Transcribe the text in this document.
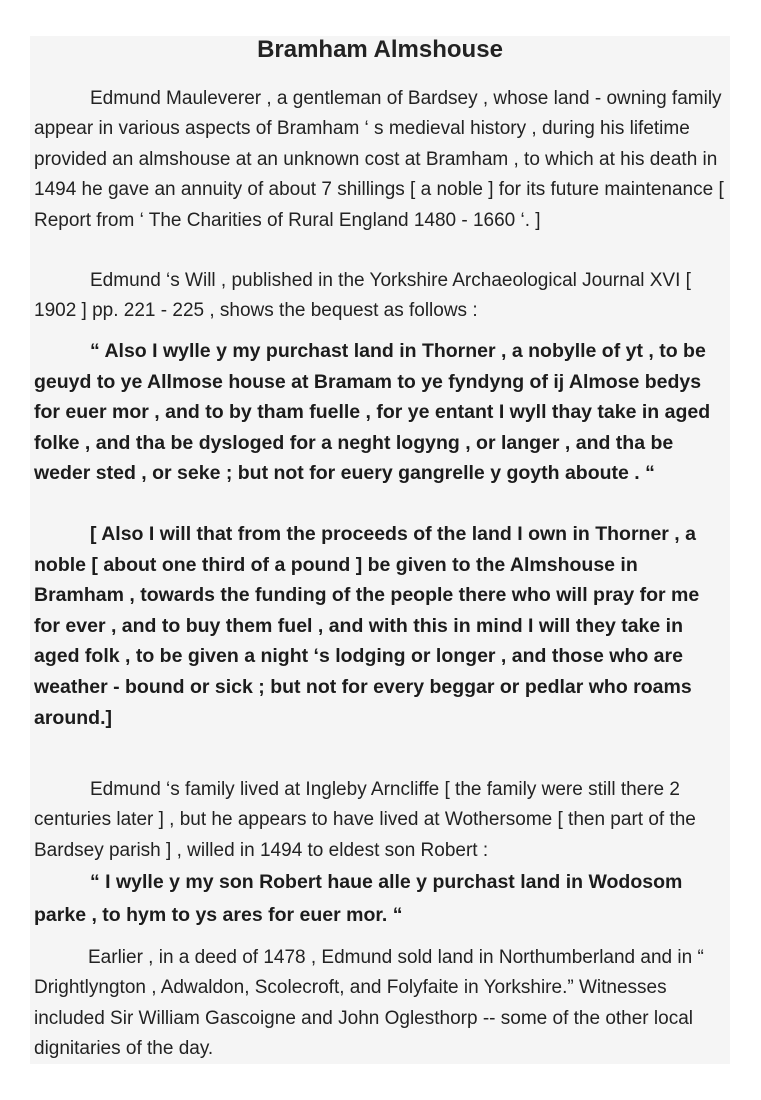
Bramham Almshouse

Edmund Mauleverer , a gentleman of Bardsey , whose land - owning family appear in various aspects of Bramham ‘ s medieval history , during his lifetime provided an almshouse at an unknown cost at Bramham , to which at his death in 1494 he gave an annuity of about 7 shillings [ a noble ] for its future maintenance [ Report from ‘ The Charities of Rural England 1480 - 1660 ‘. ]

Edmund ‘s Will , published in the Yorkshire Archaeological Journal XVI [ 1902 ] pp. 221 - 225 , shows the bequest as follows :

“ Also I wylle y my purchast land in Thorner , a nobylle of yt , to be geuyd to ye Allmose house at Bramam to ye fyndyng of ij Almose bedys for euer mor , and to by tham fuelle , for ye entant I wyll thay take in aged folke , and tha be dysloged for a neght logyng , or langer , and tha be weder sted , or seke ; but not for euery gangrelle y goyth aboute . “

[ Also I will that from the proceeds of the land I own in Thorner , a noble [ about one third of a pound ] be given to the Almshouse in Bramham , towards the funding of the people there who will pray for me for ever , and to buy them fuel , and with this in mind I will they take in aged folk , to be given a night ‘s lodging or longer , and those who are weather - bound or sick ; but not for every beggar or pedlar who roams around.]

Edmund ‘s family lived at Ingleby Arncliffe [ the family were still there 2 centuries later ] , but he appears to have lived at Wothersome [ then part of the Bardsey parish ] , willed in 1494 to eldest son Robert :

“ I wylle y my son Robert haue alle y purchast land in Wodosom parke , to hym to ys ares for euer mor. “

Earlier , in a deed of 1478 , Edmund sold land in Northumberland and in “ Drightlyngton , Adwaldon, Scolecroft, and Folyfaite in Yorkshire.” Witnesses included Sir William Gascoigne and John Oglesthorp -- some of the other local dignitaries of the day.
